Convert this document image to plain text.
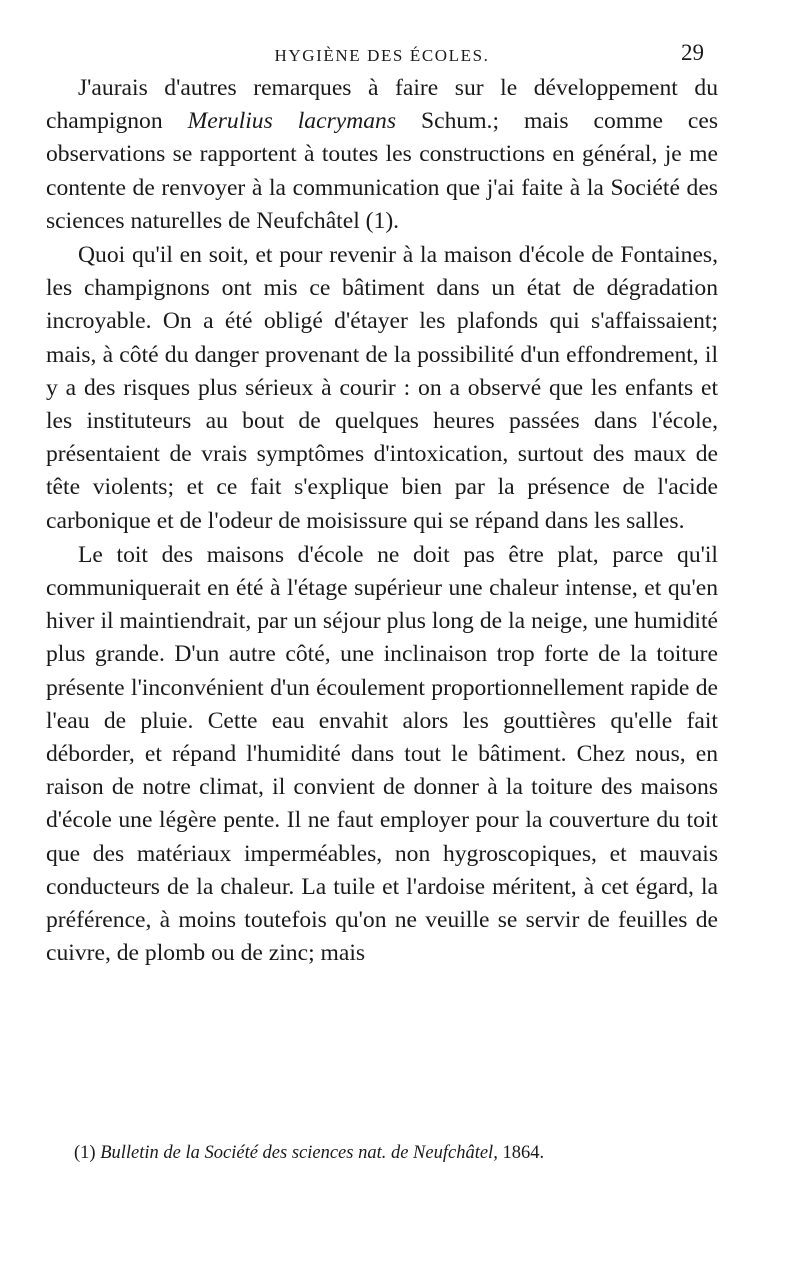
HYGIÈNE DES ÉCOLES.	29

J'aurais d'autres remarques à faire sur le développement du champignon Merulius lacrymans Schum.; mais comme ces observations se rapportent à toutes les constructions en général, je me contente de renvoyer à la communication que j'ai faite à la Société des sciences naturelles de Neufchâtel (1).

Quoi qu'il en soit, et pour revenir à la maison d'école de Fontaines, les champignons ont mis ce bâtiment dans un état de dégradation incroyable. On a été obligé d'étayer les plafonds qui s'affaissaient; mais, à côté du danger provenant de la possibilité d'un effondrement, il y a des risques plus sérieux à courir : on a observé que les enfants et les instituteurs au bout de quelques heures passées dans l'école, présentaient de vrais symptômes d'intoxication, surtout des maux de tête violents; et ce fait s'explique bien par la présence de l'acide carbonique et de l'odeur de moisissure qui se répand dans les salles.

Le toit des maisons d'école ne doit pas être plat, parce qu'il communiquerait en été à l'étage supérieur une chaleur intense, et qu'en hiver il maintiendrait, par un séjour plus long de la neige, une humidité plus grande. D'un autre côté, une inclinaison trop forte de la toiture présente l'inconvénient d'un écoulement proportionnellement rapide de l'eau de pluie. Cette eau envahit alors les gouttières qu'elle fait déborder, et répand l'humidité dans tout le bâtiment. Chez nous, en raison de notre climat, il convient de donner à la toiture des maisons d'école une légère pente. Il ne faut employer pour la couverture du toit que des matériaux imperméables, non hygroscopiques, et mauvais conducteurs de la chaleur. La tuile et l'ardoise méritent, à cet égard, la préférence, à moins toutefois qu'on ne veuille se servir de feuilles de cuivre, de plomb ou de zinc; mais

(1) Bulletin de la Société des sciences nat. de Neufchâtel, 1864.
